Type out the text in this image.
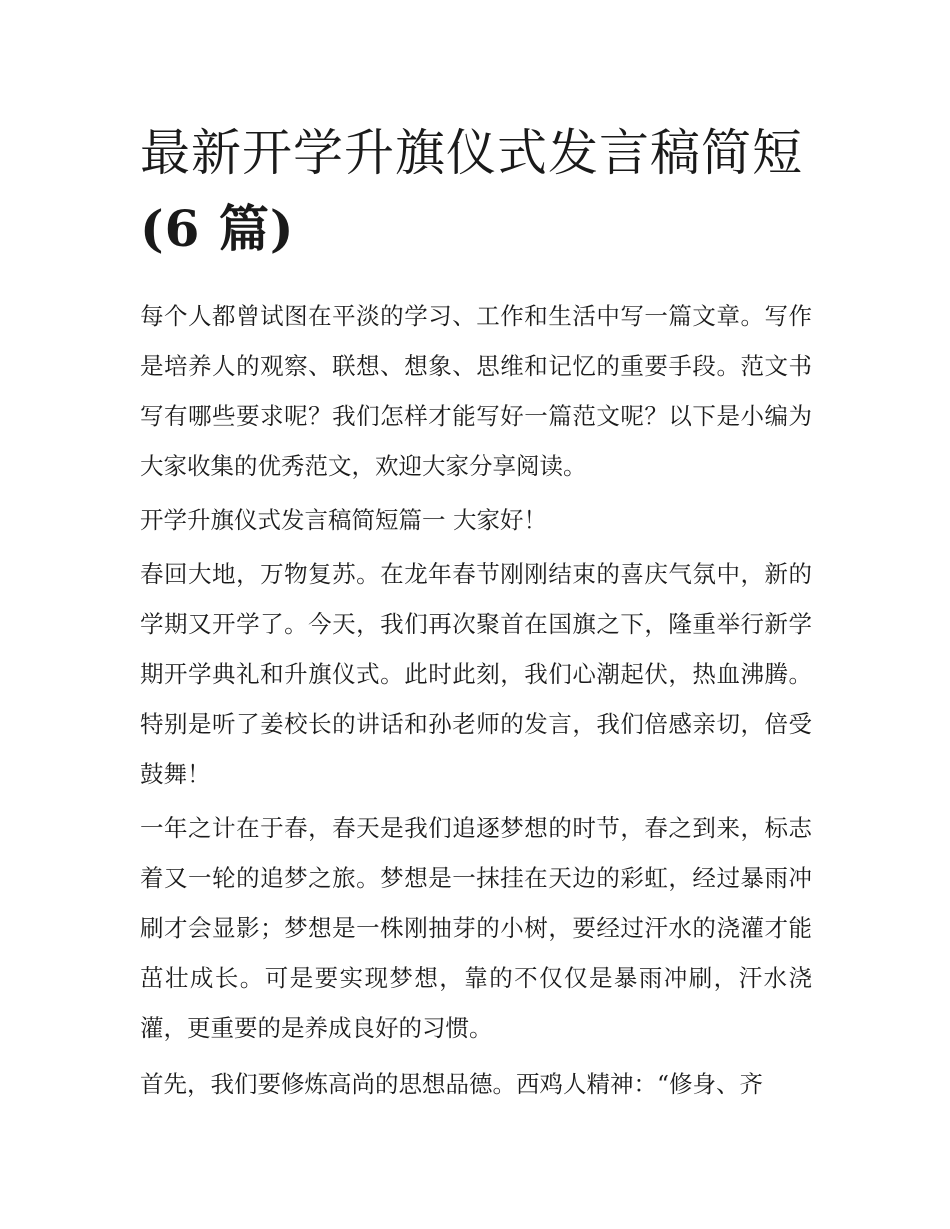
最新开学升旗仪式发言稿简短
(6 篇)

每个人都曾试图在平淡的学习、工作和生活中写一篇文章。写作是培养人的观察、联想、想象、思维和记忆的重要手段。范文书写有哪些要求呢？我们怎样才能写好一篇范文呢？以下是小编为大家收集的优秀范文，欢迎大家分享阅读。

开学升旗仪式发言稿简短篇一 大家好！

春回大地，万物复苏。在龙年春节刚刚结束的喜庆气氛中，新的学期又开学了。今天，我们再次聚首在国旗之下，隆重举行新学期开学典礼和升旗仪式。此时此刻，我们心潮起伏，热血沸腾。特别是听了姜校长的讲话和孙老师的发言，我们倍感亲切，倍受鼓舞！

一年之计在于春，春天是我们追逐梦想的时节，春之到来，标志着又一轮的追梦之旅。梦想是一抹挂在天边的彩虹，经过暴雨冲刷才会显影；梦想是一株刚抽芽的小树，要经过汗水的浇灌才能茁壮成长。可是要实现梦想，靠的不仅仅是暴雨冲刷，汗水浇灌，更重要的是养成良好的习惯。

首先，我们要修炼高尚的思想品德。西鸡人精神：“修身、齐
